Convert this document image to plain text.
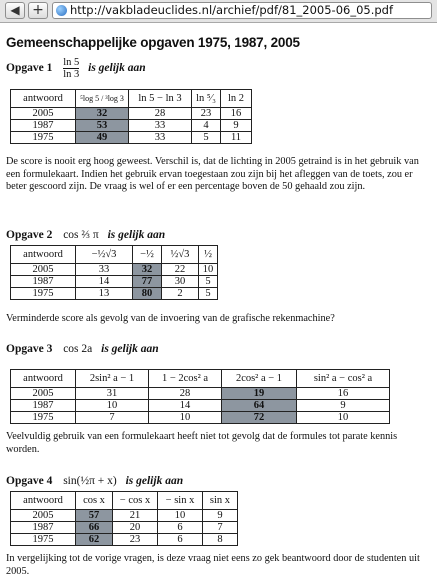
◀ +	http://vakbladeuclides.nl/archief/pdf/81_2005-06_05.pdf
Gemeenschappelijke opgaven 1975, 1987, 2005
Opgave $1 \frac{\ln 5}{\ln 3}$ is gelijk aan
antwoord	⁵log 5 / ³log 3	ln 5 − ln 3	ln ⁵⁄₃	ln 2
2005	32	28	23	16
1987	53	33	4	9
1975	49	33	5	11

De score is nooit erg hoog geweest. Verschil is, dat de lichting in 2005 getraind is in het gebruik van een formulekaart. Indien het gebruik ervan toegestaan zou zijn bij het afleggen van de toets, zou er beter gescoord zijn. De vraag is wel of er een percentage boven de 50 gehaald zou zijn.

Opgave 2 cos ⅔ π is gelijk aan
antwoord	−½√3	−½	½√3	½
2005	33	32	22	10
1987	14	77	30	5
1975	13	80	2	5

Verminderde score als gevolg van de invoering van de grafische rekenmachine?

Opgave 3 cos 2a is gelijk aan
antwoord	2sin² a − 1	1 − 2cos² a	2cos² a − 1	sin² a − cos² a
2005	31	28	19	16
1987	10	14	64	9
1975	7	10	72	10

Veelvuldig gebruik van een formulekaart heeft niet tot gevolg dat de formules tot parate kennis worden.

Opgave 4 sin(½π + x) is gelijk aan
antwoord	cos x	− cos x	− sin x	sin x
2005	57	21	10	9
1987	66	20	6	7
1975	62	23	6	8

In vergelijking tot de vorige vragen, is deze vraag niet eens zo gek beantwoord door de studenten uit 2005.
